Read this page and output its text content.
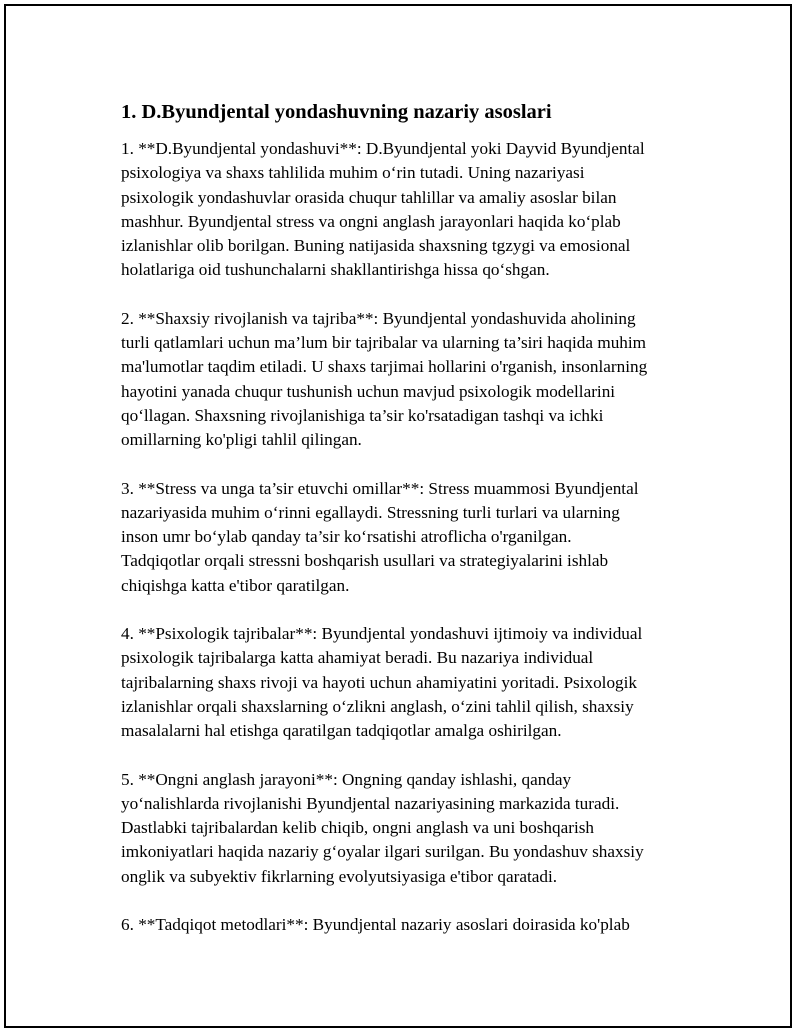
1. D.Byundjental yondashuvning nazariy asoslari
1. **D.Byundjental yondashuvi**: D.Byundjental yoki Dayvid Byundjental
psixologiya va shaxs tahlilida muhim o‘rin tutadi. Uning nazariyasi
psixologik yondashuvlar orasida chuqur tahlillar va amaliy asoslar bilan
mashhur. Byundjental stress va ongni anglash jarayonlari haqida ko‘plab
izlanishlar olib borilgan. Buning natijasida shaxsning tgzygi va emosional
holatlariga oid tushunchalarni shakllantirishga hissa qo‘shgan.
2. **Shaxsiy rivojlanish va tajriba**: Byundjental yondashuvida aholining
turli qatlamlari uchun ma’lum bir tajribalar va ularning ta’siri haqida muhim
ma'lumotlar taqdim etiladi. U shaxs tarjimai hollarini o'rganish, insonlarning
hayotini yanada chuqur tushunish uchun mavjud psixologik modellarini
qo‘llagan. Shaxsning rivojlanishiga ta’sir ko'rsatadigan tashqi va ichki
omillarning ko'pligi tahlil qilingan.
3. **Stress va unga ta’sir etuvchi omillar**: Stress muammosi Byundjental
nazariyasida muhim o‘rinni egallaydi. Stressning turli turlari va ularning
inson umr bo‘ylab qanday ta’sir ko‘rsatishi atroflicha o'rganilgan.
Tadqiqotlar orqali stressni boshqarish usullari va strategiyalarini ishlab
chiqishga katta e'tibor qaratilgan.
4. **Psixologik tajribalar**: Byundjental yondashuvi ijtimoiy va individual
psixologik tajribalarga katta ahamiyat beradi. Bu nazariya individual
tajribalarning shaxs rivoji va hayoti uchun ahamiyatini yoritadi. Psixologik
izlanishlar orqali shaxslarning o‘zlikni anglash, o‘zini tahlil qilish, shaxsiy
masalalarni hal etishga qaratilgan tadqiqotlar amalga oshirilgan.
5. **Ongni anglash jarayoni**: Ongning qanday ishlashi, qanday
yo‘nalishlarda rivojlanishi Byundjental nazariyasining markazida turadi.
Dastlabki tajribalardan kelib chiqib, ongni anglash va uni boshqarish
imkoniyatlari haqida nazariy g‘oyalar ilgari surilgan. Bu yondashuv shaxsiy
onglik va subyektiv fikrlarning evolyutsiyasiga e'tibor qaratadi.
6. **Tadqiqot metodlari**: Byundjental nazariy asoslari doirasida ko'plab
